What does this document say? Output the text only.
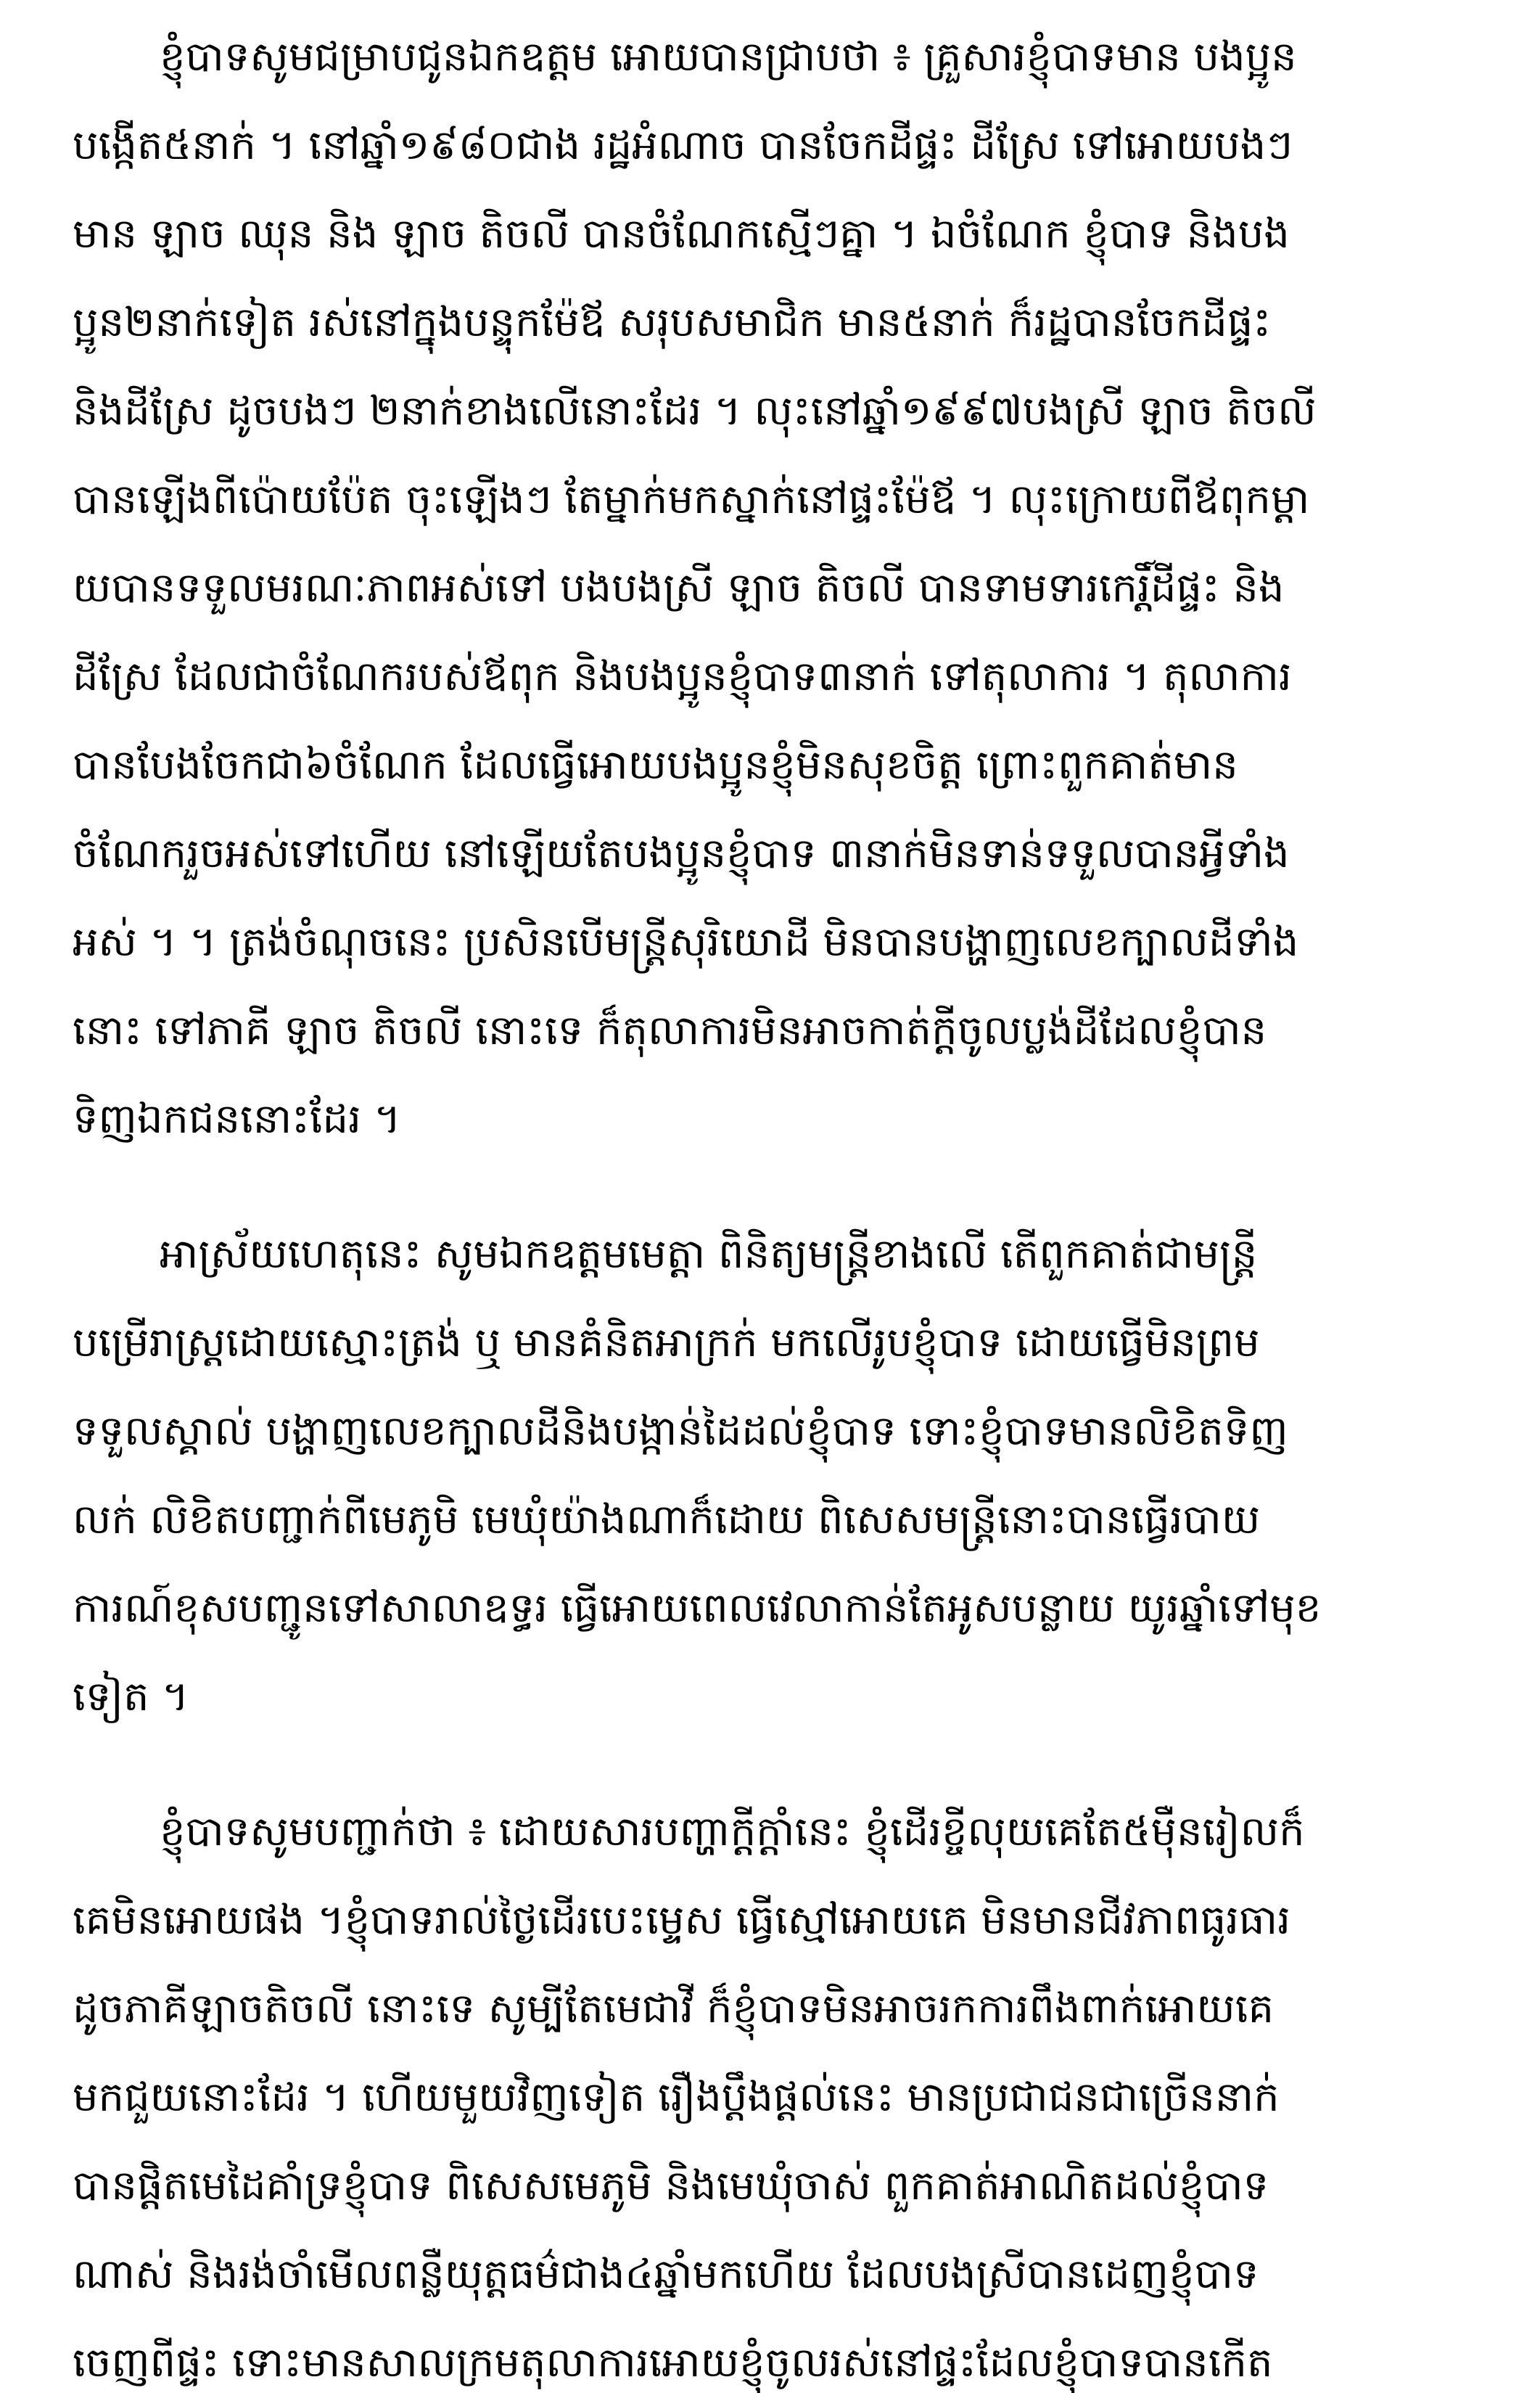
ខ្ញុំបាទសូមជម្រាបជូនឯកឧត្តម អោយបានជ្រាបថា ៖ គ្រួសារខ្ញុំបាទមាន បងប្អូន
បង្កើត៥នាក់ ។ នៅឆ្នាំ១៩៨០ជាង រដ្ឋអំណាច បានចែកដីផ្ទះ ដីស្រែ ទៅអោយបងៗ
មាន ឡាច ឈុន និង ឡាច តិចលី បានចំណែកស្មើៗគ្នា ។ ឯចំណែក ខ្ញុំបាទ និងបង
ប្អូន២នាក់ទៀត រស់នៅក្នុងបន្ទុកម៉ែឪ សរុបសមាជិក មាន៥នាក់ ក៏រដ្ឋបានចែកដីផ្ទះ
និងដីស្រែ ដូចបងៗ ២នាក់ខាងលើនោះដែរ ។ លុះនៅឆ្នាំ១៩៩៧បងស្រី ឡាច តិចលី
បានឡើងពីប៉ោយប៉ែត ចុះឡើងៗ តែម្នាក់មកស្នាក់នៅផ្ទះម៉ែឪ ។ លុះក្រោយពីឪពុកម្តា
យបានទទួលមរណៈភាពអស់ទៅ បងបងស្រី ឡាច តិចលី បានទាមទារកេរ្តិ៍ដីផ្ទះ និង
ដីស្រែ ដែលជាចំណែករបស់ឪពុក និងបងប្អូនខ្ញុំបាទ៣នាក់ ទៅតុលាការ ។ តុលាការ
បានបែងចែកជា៦ចំណែក ដែលធ្វើអោយបងប្អូនខ្ញុំមិនសុខចិត្ត ព្រោះពួកគាត់មាន
ចំណែករួចអស់ទៅហើយ នៅឡើយតែបងប្អូនខ្ញុំបាទ ៣នាក់មិនទាន់ទទួលបានអ្វីទាំង
អស់ ។ ។ ត្រង់ចំណុចនេះ ប្រសិនបើមន្ត្រីសុរិយោដី មិនបានបង្ហាញលេខក្បាលដីទាំង
នោះ ទៅភាគី ឡាច តិចលី នោះទេ ក៏តុលាការមិនអាចកាត់ក្តីចូលប្លង់ដីដែលខ្ញុំបាន
ទិញឯកជននោះដែរ ។

អាស្រ័យហេតុនេះ សូមឯកឧត្តមមេត្តា ពិនិត្យមន្ត្រីខាងលើ តើពួកគាត់ជាមន្ត្រី
បម្រើរាស្ត្រដោយស្មោះត្រង់ ឬ មានគំនិតអាក្រក់ មកលើរូបខ្ញុំបាទ ដោយធ្វើមិនព្រម
ទទួលស្គាល់ បង្ហាញលេខក្បាលដីនិងបង្កាន់ដៃដល់ខ្ញុំបាទ ទោះខ្ញុំបាទមានលិខិតទិញ
លក់ លិខិតបញ្ជាក់ពីមេភូមិ មេឃុំយ៉ាងណាក៏ដោយ ពិសេសមន្ត្រីនោះបានធ្វើរបាយ
ការណ៍ខុសបញ្ជូនទៅសាលាឧទ្ធរ ធ្វើអោយពេលវេលាកាន់តែអូសបន្លាយ យូរឆ្នាំទៅមុខ
ទៀត ។

ខ្ញុំបាទសូមបញ្ជាក់ថា ៖ ដោយសារបញ្ហាក្តីក្តាំនេះ ខ្ញុំដើរខ្ចីលុយគេតែ៥ម៉ឺនរៀលក៏
គេមិនអោយផង ។ខ្ញុំបាទរាល់ថ្ងៃដើរបេះម្ទេស ធ្វើស្មៅអោយគេ មិនមានជីវភាពធូរធារ
ដូចភាគីឡាចតិចលី នោះទេ សូម្បីតែមេជាវី ក៏ខ្ញុំបាទមិនអាចរកការពឹងពាក់អោយគេ
មកជួយនោះដែរ ។ ហើយមួយវិញទៀត រឿងប្តឹងផ្តល់នេះ មានប្រជាជនជាច្រើននាក់
បានផ្តិតមេដៃគាំទ្រខ្ញុំបាទ ពិសេសមេភូមិ និងមេឃុំចាស់ ពួកគាត់អាណិតដល់ខ្ញុំបាទ
ណាស់ និងរង់ចាំមើលពន្លឺយុត្តធម៌ជាង៤ឆ្នាំមកហើយ ដែលបងស្រីបានដេញខ្ញុំបាទ
ចេញពីផ្ទះ ទោះមានសាលក្រមតុលាការអោយខ្ញុំចូលរស់នៅផ្ទះដែលខ្ញុំបាទបានកើត
